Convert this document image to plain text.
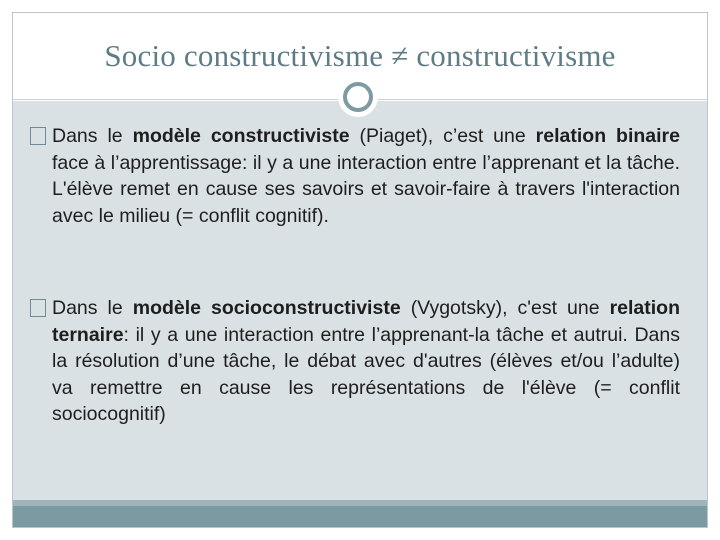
Socio constructivisme ≠ constructivisme
Dans le modèle constructiviste (Piaget), c’est une relation binaire face à l’apprentissage: il y a une interaction entre l’apprenant et la tâche. L'élève remet en cause ses savoirs et savoir-faire à travers l'interaction avec le milieu (= conflit cognitif).
Dans le modèle socioconstructiviste (Vygotsky), c'est une relation ternaire: il y a une interaction entre l’apprenant-la tâche et autrui. Dans la résolution d’une tâche, le débat avec d'autres (élèves et/ou l’adulte) va remettre en cause les représentations de l'élève (= conflit sociocognitif)
